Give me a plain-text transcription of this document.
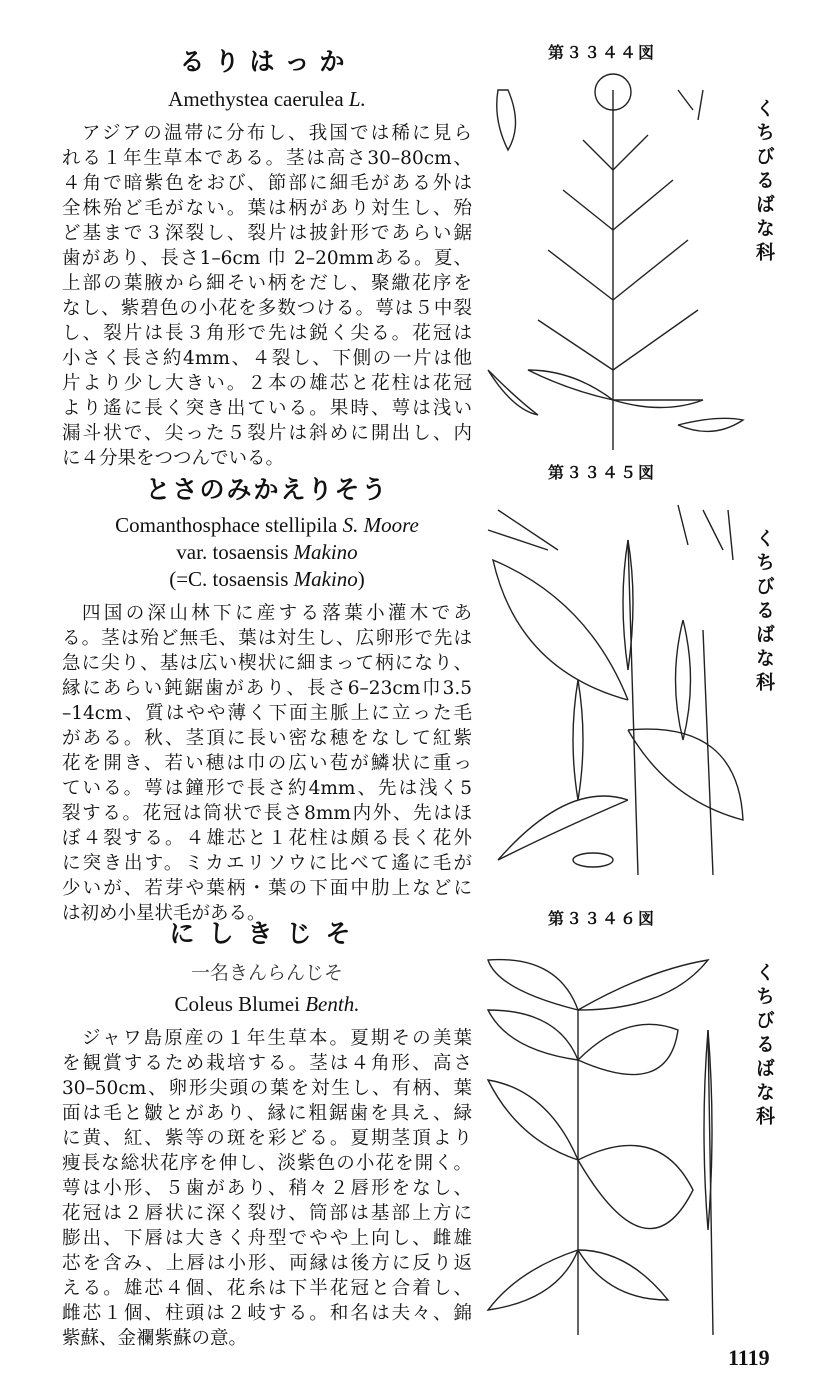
るりはっか
Amethystea caerulea L.
アジアの温帯に分布し、我国では稀に見ら
れる１年生草本である。茎は高さ30–80cm、
４角で暗紫色をおび、節部に細毛がある外は
全株殆ど毛がない。葉は柄があり対生し、殆
ど基まで３深裂し、裂片は披針形であらい鋸
歯があり、長さ1–6cm 巾 2–20mmある。夏、
上部の葉腋から細そい柄をだし、聚繖花序を
なし、紫碧色の小花を多数つける。萼は５中裂
し、裂片は長３角形で先は鋭く尖る。花冠は
小さく長さ約4mm、４裂し、下側の一片は他
片より少し大きい。２本の雄芯と花柱は花冠
より遙に長く突き出ている。果時、萼は浅い
漏斗状で、尖った５裂片は斜めに開出し、内
に４分果をつつんでいる。
とさのみかえりそう
Comanthosphace stellipila S. Moore
var. tosaensis Makino
(=C. tosaensis Makino)
四国の深山林下に産する落葉小灌木であ
る。茎は殆ど無毛、葉は対生し、広卵形で先は
急に尖り、基は広い楔状に細まって柄になり、
縁にあらい鈍鋸歯があり、長さ6–23cm巾3.5
–14cm、質はやや薄く下面主脈上に立った毛
がある。秋、茎頂に長い密な穂をなして紅紫
花を開き、若い穂は巾の広い苞が鱗状に重っ
ている。萼は鐘形で長さ約4mm、先は浅く5
裂する。花冠は筒状で長さ8mm内外、先はほ
ぼ４裂する。４雄芯と１花柱は頗る長く花外
に突き出す。ミカエリソウに比べて遙に毛が
少いが、若芽や葉柄・葉の下面中肋上などに
は初め小星状毛がある。
にしきじそ
一名きんらんじそ
Coleus Blumei Benth.
ジャワ島原産の１年生草本。夏期その美葉
を観賞するため栽培する。茎は４角形、高さ
30–50cm、卵形尖頭の葉を対生し、有柄、葉
面は毛と皺とがあり、縁に粗鋸歯を具え、緑
に黄、紅、紫等の斑を彩どる。夏期茎頂より
痩長な総状花序を伸し、淡紫色の小花を開く。
萼は小形、５歯があり、稍々２唇形をなし、
花冠は２唇状に深く裂け、筒部は基部上方に
膨出、下唇は大きく舟型でやや上向し、雌雄
芯を含み、上唇は小形、両縁は後方に反り返
える。雄芯４個、花糸は下半花冠と合着し、
雌芯１個、柱頭は２岐する。和名は夫々、錦
紫蘇、金襴紫蘇の意。
第３３４４図
第３３４５図
第３３４６図
くちびるばな科
くちびるばな科
くちびるばな科
1119
